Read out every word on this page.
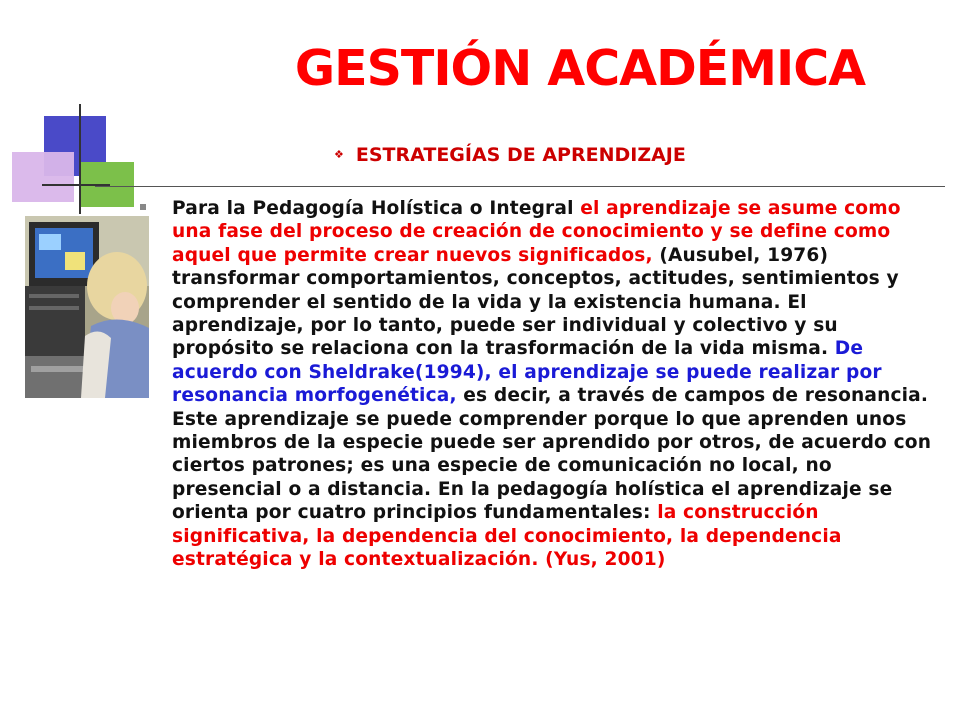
GESTIÓN ACADÉMICA
❖ ESTRATEGÍAS DE APRENDIZAJE

Para la Pedagogía Holística o Integral el aprendizaje se asume como una fase del proceso de creación de conocimiento y se define como aquel que permite crear nuevos significados, (Ausubel, 1976) transformar comportamientos, conceptos, actitudes, sentimientos y comprender el sentido de la vida y la existencia humana. El aprendizaje, por lo tanto, puede ser individual y colectivo y su propósito se relaciona con la trasformación de la vida misma. De acuerdo con Sheldrake(1994), el aprendizaje se puede realizar por resonancia morfogenética, es decir, a través de campos de resonancia. Este aprendizaje se puede comprender porque lo que aprenden unos miembros de la especie puede ser aprendido por otros, de acuerdo con ciertos patrones; es una especie de comunicación no local, no presencial o a distancia. En la pedagogía holística el aprendizaje se orienta por cuatro principios fundamentales: la construcción significativa, la dependencia del conocimiento, la dependencia estratégica y la contextualización. (Yus, 2001)
